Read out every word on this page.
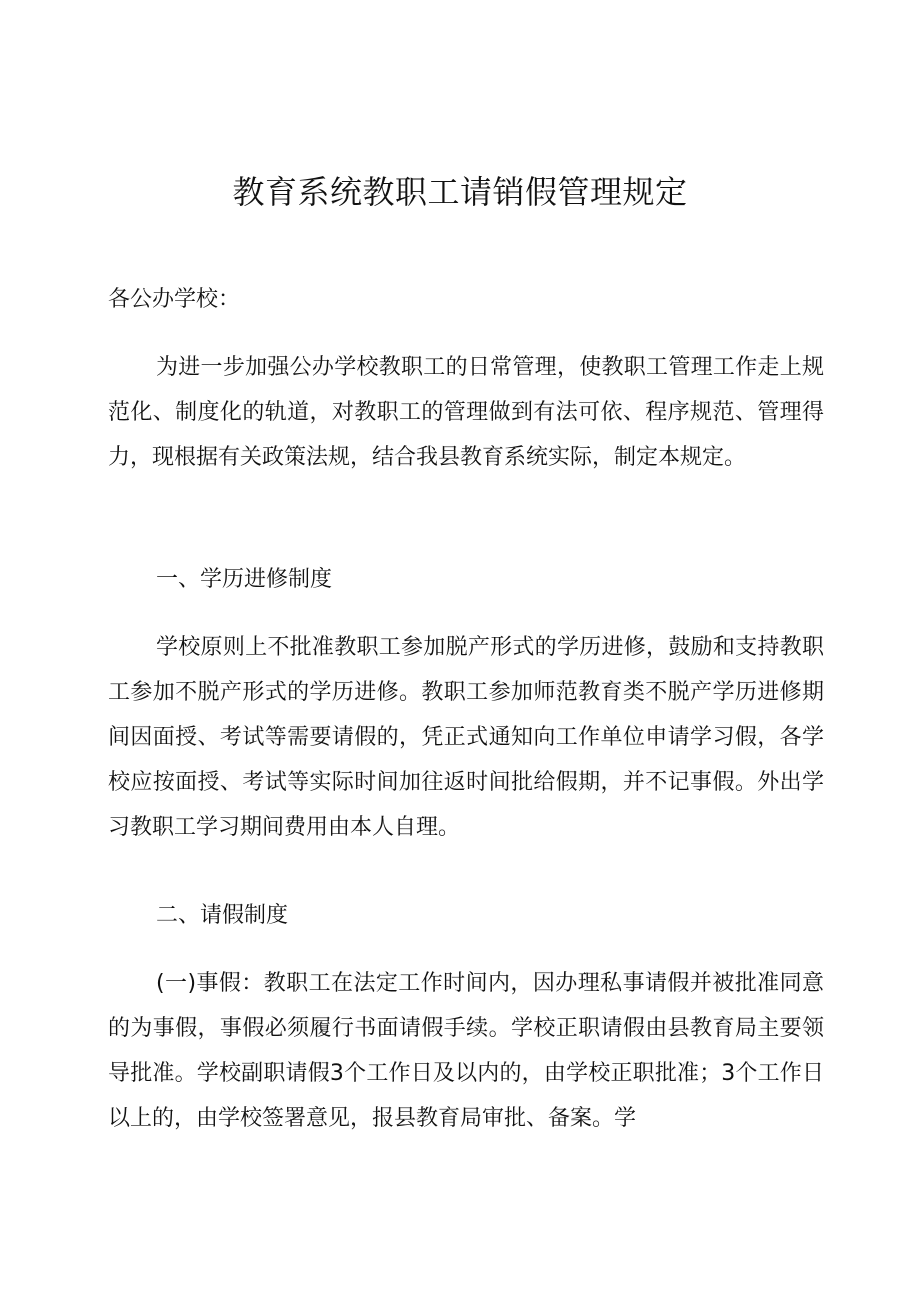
教育系统教职工请销假管理规定

各公办学校：

为进一步加强公办学校教职工的日常管理，使教职工管理工作走上规范化、制度化的轨道，对教职工的管理做到有法可依、程序规范、管理得力，现根据有关政策法规，结合我县教育系统实际，制定本规定。

一、学历进修制度

学校原则上不批准教职工参加脱产形式的学历进修，鼓励和支持教职工参加不脱产形式的学历进修。教职工参加师范教育类不脱产学历进修期间因面授、考试等需要请假的，凭正式通知向工作单位申请学习假，各学校应按面授、考试等实际时间加往返时间批给假期，并不记事假。外出学习教职工学习期间费用由本人自理。

二、请假制度

(一)事假：教职工在法定工作时间内，因办理私事请假并被批准同意的为事假，事假必须履行书面请假手续。学校正职请假由县教育局主要领导批准。学校副职请假3个工作日及以内的，由学校正职批准；3个工作日以上的，由学校签署意见，报县教育局审批、备案。学
